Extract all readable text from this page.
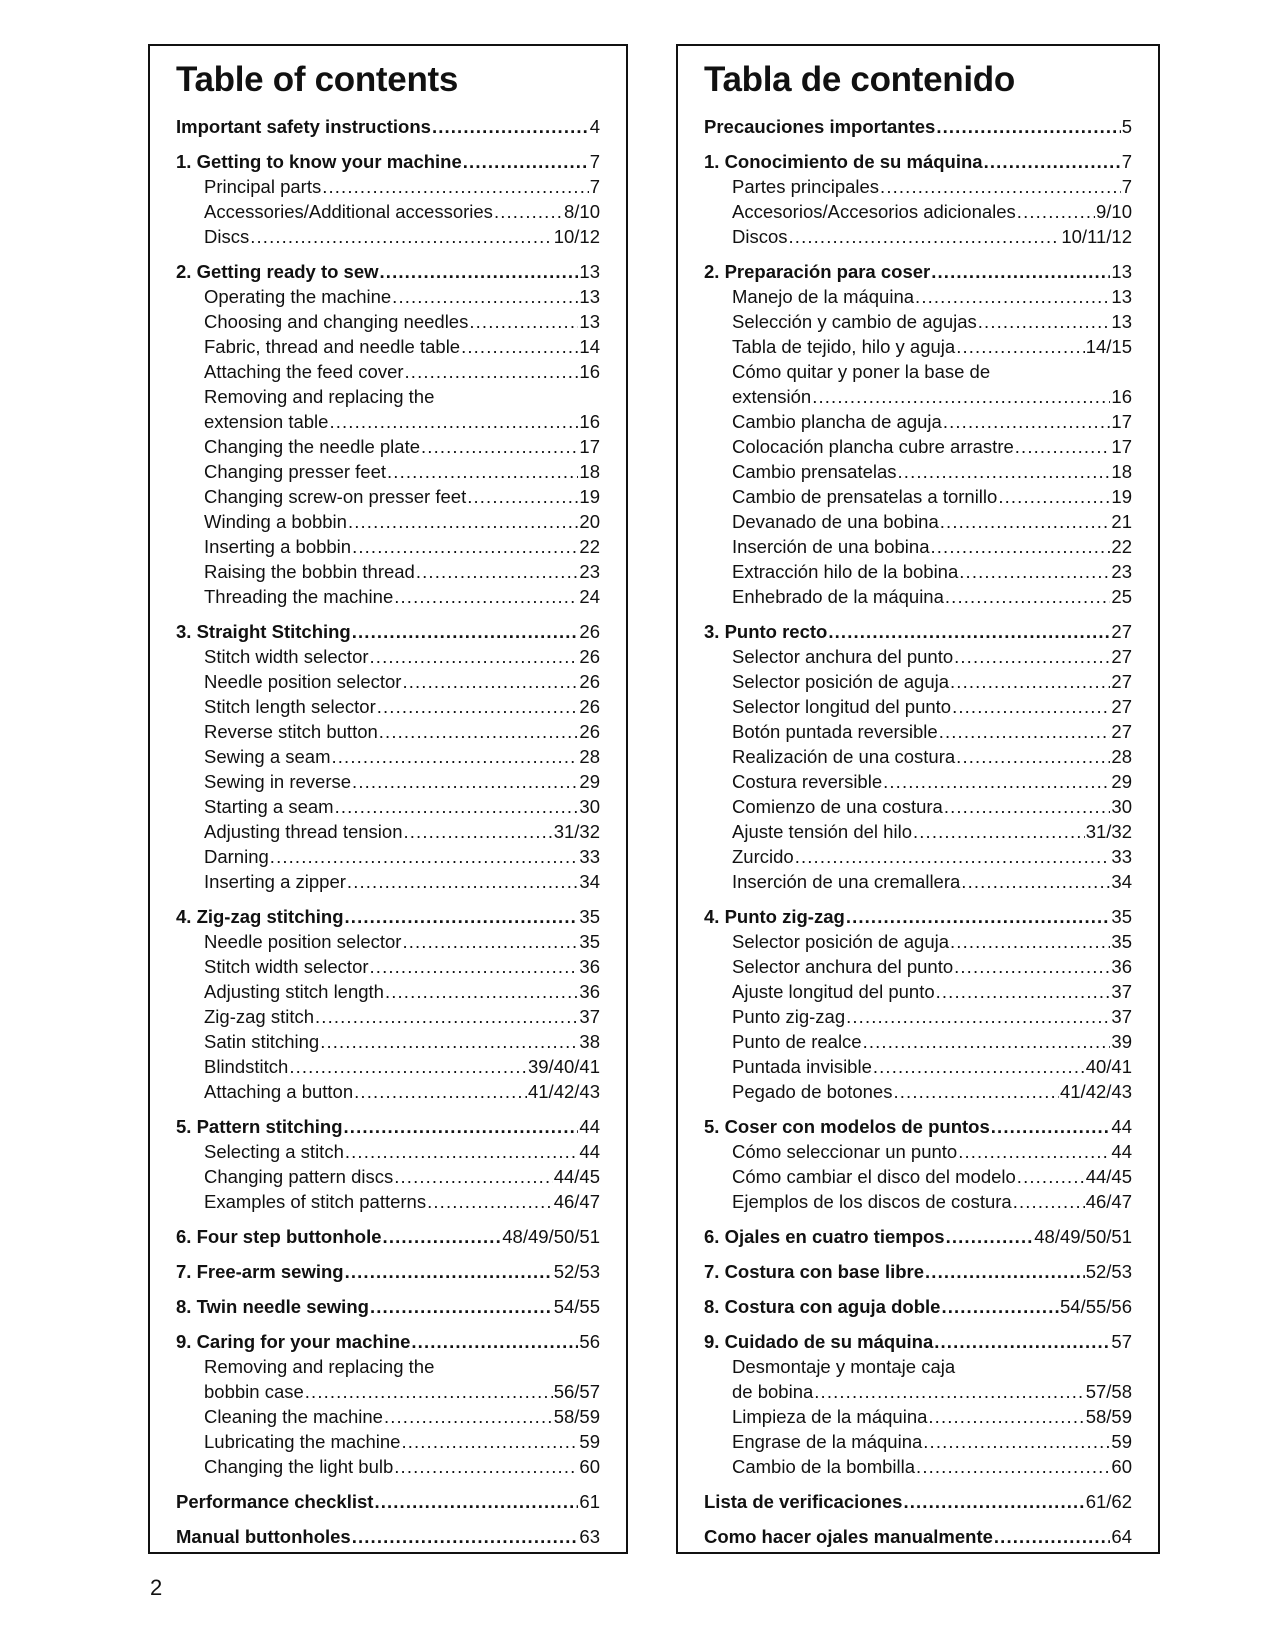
Table of contents
Important safety instructions . . .	4
1. Getting to know your machine . . .	7
Principal parts . . .	7
Accessories/Additional accessories . . .	8/10
Discs . . .	10/12
2. Getting ready to sew . . .	13
Operating the machine . . .	13
Choosing and changing needles . . .	13
Fabric, thread and needle table . . .	14
Attaching the feed cover . . .	16
Removing and replacing the
extension table . . .	16
Changing the needle plate . . .	17
Changing presser feet . . .	18
Changing screw-on presser feet . . .	19
Winding a bobbin . . .	20
Inserting a bobbin . . .	22
Raising the bobbin thread . . .	23
Threading the machine . . .	24
3. Straight Stitching . . .	26
Stitch width selector . . .	26
Needle position selector . . .	26
Stitch length selector . . .	26
Reverse stitch button . . .	26
Sewing a seam . . .	28
Sewing in reverse . . .	29
Starting a seam . . .	30
Adjusting thread tension . . .	31/32
Darning . . .	33
Inserting a zipper . . .	34
4. Zig-zag stitching . . .	35
Needle position selector . . .	35
Stitch width selector . . .	36
Adjusting stitch length . . .	36
Zig-zag stitch . . .	37
Satin stitching . . .	38
Blindstitch . . .	39/40/41
Attaching a button . . .	41/42/43
5. Pattern stitching . . .	44
Selecting a stitch . . .	44
Changing pattern discs . . .	44/45
Examples of stitch patterns . . .	46/47
6. Four step buttonhole . . .	48/49/50/51
7. Free-arm sewing . . .	52/53
8. Twin needle sewing . . .	54/55
9. Caring for your machine . . .	56
Removing and replacing the
bobbin case . . .	56/57
Cleaning the machine . . .	58/59
Lubricating the machine . . .	59
Changing the light bulb . . .	60
Performance checklist . . .	61
Manual buttonholes . . .	63
Tabla de contenido
Precauciones importantes . . .	5
1. Conocimiento de su máquina . . .	7
Partes principales . . .	7
Accesorios/Accesorios adicionales . . .	9/10
Discos . . .	10/11/12
2. Preparación para coser . . .	13
Manejo de la máquina . . .	13
Selección y cambio de agujas . . .	13
Tabla de tejido, hilo y aguja . . .	14/15
Cómo quitar y poner la base de
extensión . . .	16
Cambio plancha de aguja . . .	17
Colocación plancha cubre arrastre . . .	17
Cambio prensatelas . . .	18
Cambio de prensatelas a tornillo . . .	19
Devanado de una bobina . . .	21
Inserción de una bobina . . .	22
Extracción hilo de la bobina . . .	23
Enhebrado de la máquina . . .	25
3. Punto recto . . .	27
Selector anchura del punto . . .	27
Selector posición de aguja . . .	27
Selector longitud del punto . . .	27
Botón puntada reversible . . .	27
Realización de una costura . . .	28
Costura reversible . . .	29
Comienzo de una costura . . .	30
Ajuste tensión del hilo . . .	31/32
Zurcido . . .	33
Inserción de una cremallera . . .	34
4. Punto zig-zag . . .	35
Selector posición de aguja . . .	35
Selector anchura del punto . . .	36
Ajuste longitud del punto . . .	37
Punto zig-zag . . .	37
Punto de realce . . .	39
Puntada invisible . . .	40/41
Pegado de botones . . .	41/42/43
5. Coser con modelos de puntos . . .	44
Cómo seleccionar un punto . . .	44
Cómo cambiar el disco del modelo . . .	44/45
Ejemplos de los discos de costura . . .	46/47
6. Ojales en cuatro tiempos . . .	48/49/50/51
7. Costura con base libre . . .	52/53
8. Costura con aguja doble . . .	54/55/56
9. Cuidado de su máquina . . .	57
Desmontaje y montaje caja
de bobina . . .	57/58
Limpieza de la máquina . . .	58/59
Engrase de la máquina . . .	59
Cambio de la bombilla . . .	60
Lista de verificaciones . . .	61/62
Como hacer ojales manualmente . . .	64
2
